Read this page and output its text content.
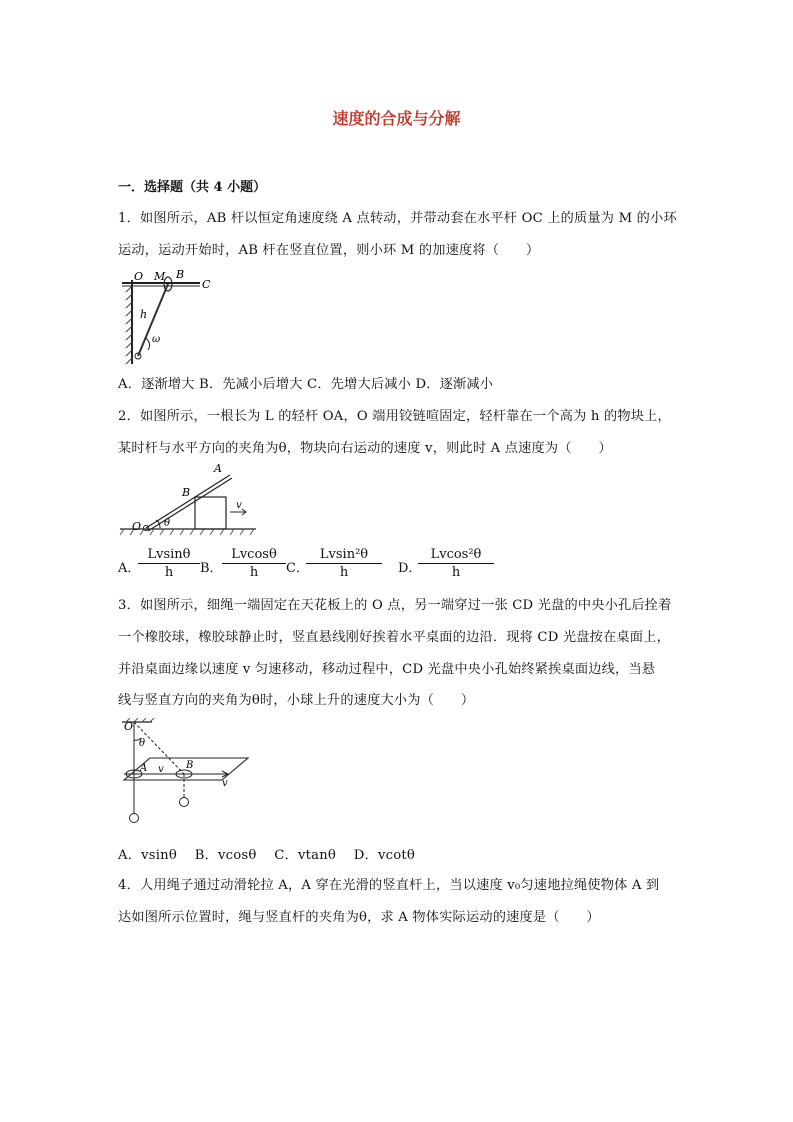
速度的合成与分解
一．选择题（共 4 小题）
1．如图所示，AB 杆以恒定角速度绕 A 点转动，并带动套在水平杆 OC 上的质量为 M 的小环
运动，运动开始时，AB 杆在竖直位置，则小环 M 的加速度将（　　）
O M B
C
h
ω
A．逐渐增大 B．先减小后增大 C．先增大后减小 D．逐渐减小
2．如图所示，一根长为 L 的轻杆 OA，O 端用铰链喧固定，轻杆靠在一个高为 h 的物块上，
某时杆与水平方向的夹角为θ，物块向右运动的速度 v，则此时 A 点速度为（　　）
A
B
O θ
v
A．
$\frac{Lvsin\theta}{h}$ B． $\frac{Lvcos\theta}{h}$ C．
$\frac{\text{Lvsin²θ}}{h}$ D．
$\frac{\text{Lvcos²θ}}{h}$
3．如图所示，细绳一端固定在天花板上的 O 点，另一端穿过一张 CD 光盘的中央小孔后拴着
一个橡胶球，橡胶球静止时，竖直悬线刚好挨着水平桌面的边沿．现将 CD 光盘按在桌面上，
并沿桌面边缘以速度 v 匀速移动，移动过程中，CD 光盘中央小孔始终紧挨桌面边线，当悬
线与竖直方向的夹角为θ时，小球上升的速度大小为（　　）
O
θ
A	B
v
v
A．vsinθ　 B．vcosθ　 C．vtanθ　 D．vcotθ
4．人用绳子通过动滑轮拉 A，A 穿在光滑的竖直杆上，当以速度 v₀匀速地拉绳使物体 A 到
达如图所示位置时，绳与竖直杆的夹角为θ，求 A 物体实际运动的速度是（　　）
